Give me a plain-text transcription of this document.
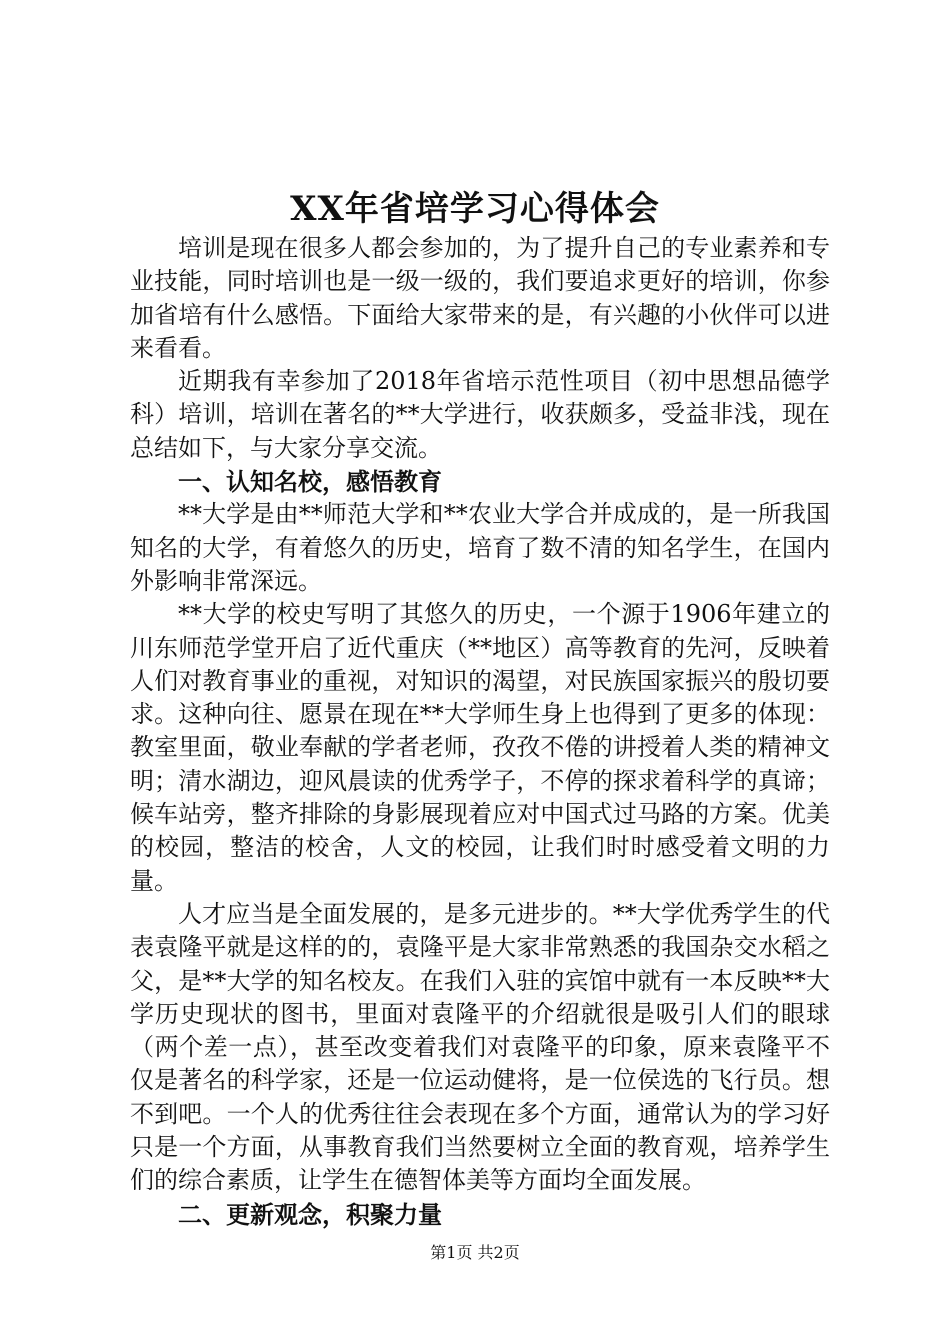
XX年省培学习心得体会

培训是现在很多人都会参加的，为了提升自己的专业素养和专业技能，同时培训也是一级一级的，我们要追求更好的培训，你参加省培有什么感悟。下面给大家带来的是，有兴趣的小伙伴可以进来看看。

近期我有幸参加了2018年省培示范性项目（初中思想品德学科）培训，培训在著名的**大学进行，收获颇多，受益非浅，现在总结如下，与大家分享交流。

一、认知名校，感悟教育

**大学是由**师范大学和**农业大学合并成成的，是一所我国知名的大学，有着悠久的历史，培育了数不清的知名学生，在国内外影响非常深远。

**大学的校史写明了其悠久的历史，一个源于1906年建立的川东师范学堂开启了近代重庆（**地区）高等教育的先河，反映着人们对教育事业的重视，对知识的渴望，对民族国家振兴的殷切要求。这种向往、愿景在现在**大学师生身上也得到了更多的体现：教室里面，敬业奉献的学者老师，孜孜不倦的讲授着人类的精神文明；清水湖边，迎风晨读的优秀学子，不停的探求着科学的真谛；候车站旁，整齐排除的身影展现着应对中国式过马路的方案。优美的校园，整洁的校舍，人文的校园，让我们时时感受着文明的力量。

人才应当是全面发展的，是多元进步的。**大学优秀学生的代表袁隆平就是这样的的，袁隆平是大家非常熟悉的我国杂交水稻之父，是**大学的知名校友。在我们入驻的宾馆中就有一本反映**大学历史现状的图书，里面对袁隆平的介绍就很是吸引人们的眼球（两个差一点），甚至改变着我们对袁隆平的印象，原来袁隆平不仅是著名的科学家，还是一位运动健将，是一位侯选的飞行员。想不到吧。一个人的优秀往往会表现在多个方面，通常认为的学习好只是一个方面，从事教育我们当然要树立全面的教育观，培养学生们的综合素质，让学生在德智体美等方面均全面发展。

二、更新观念，积聚力量

第1页 共2页
